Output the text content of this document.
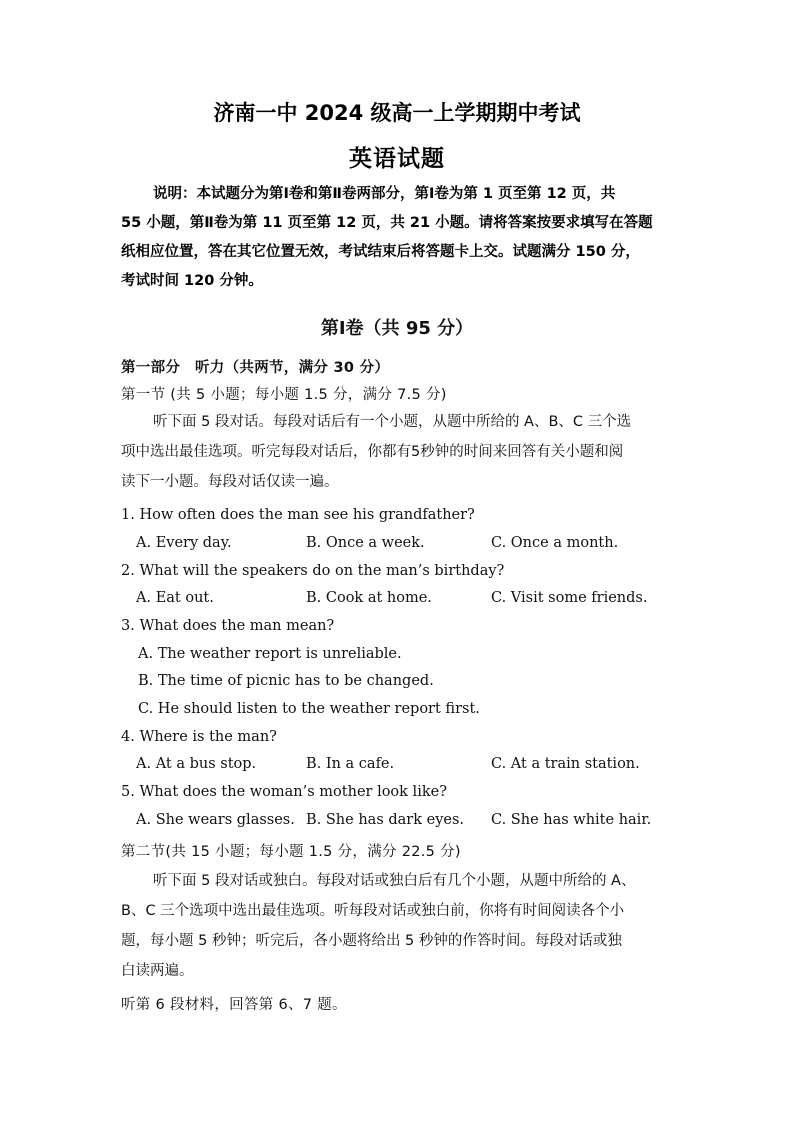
济南一中 2024 级高一上学期期中考试
英语试题
说明：本试题分为第Ⅰ卷和第Ⅱ卷两部分，第Ⅰ卷为第 1 页至第 12 页，共
55 小题，第Ⅱ卷为第 11 页至第 12 页，共 21 小题。请将答案按要求填写在答题
纸相应位置，答在其它位置无效，考试结束后将答题卡上交。试题满分 150 分，
考试时间 120 分钟。
第Ⅰ卷（共 95 分）
第一部分　听力（共两节，满分 30 分）
第一节 (共 5 小题；每小题 1.5 分，满分 7.5 分)
听下面 5 段对话。每段对话后有一个小题，从题中所给的 A、B、C 三个选
项中选出最佳选项。听完每段对话后，你都有5秒钟的时间来回答有关小题和阅
读下一小题。每段对话仅读一遍。
1. How often does the man see his grandfather?
A. Every day.	B. Once a week.	C. Once a month.
2. What will the speakers do on the man’s birthday?
A. Eat out.	B. Cook at home.	C. Visit some friends.
3. What does the man mean?
A. The weather report is unreliable.
B. The time of picnic has to be changed.
C. He should listen to the weather report first.
4. Where is the man?
A. At a bus stop.	B. In a cafe.	C. At a train station.
5. What does the woman’s mother look like?
A. She wears glasses. B. She has dark eyes. C. She has white hair.
第二节(共 15 小题；每小题 1.5 分，满分 22.5 分)
听下面 5 段对话或独白。每段对话或独白后有几个小题，从题中所给的 A、
B、C 三个选项中选出最佳选项。听每段对话或独白前，你将有时间阅读各个小
题，每小题 5 秒钟；听完后，各小题将给出 5 秒钟的作答时间。每段对话或独
白读两遍。
听第 6 段材料，回答第 6、7 题。
